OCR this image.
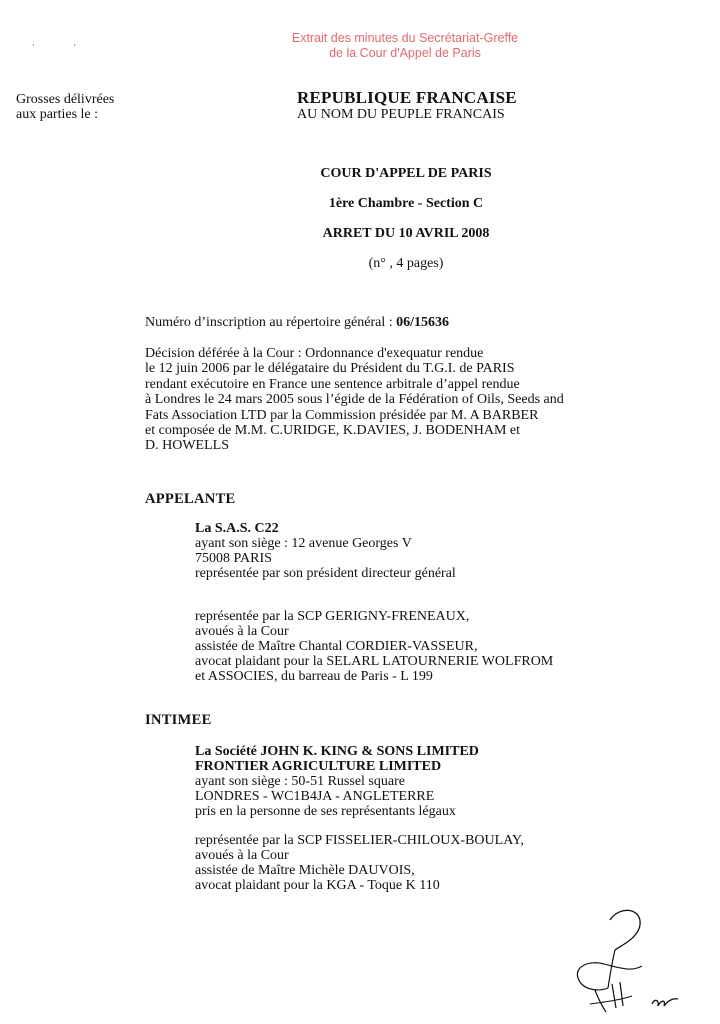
··	Extrait des minutes du Secrétariat-Greffe
de la Cour d'Appel de Paris
Grosses délivrées
aux parties le :
REPUBLIQUE FRANCAISE
AU NOM DU PEUPLE FRANCAIS
COUR D'APPEL DE PARIS
1ère Chambre - Section C
ARRET DU 10 AVRIL 2008
(n° , 4 pages)
Numéro d’inscription au répertoire général : 06/15636
Décision déférée à la Cour : Ordonnance d'exequatur rendue
le 12 juin 2006 par le délégataire du Président du T.G.I. de PARIS
rendant exécutoire en France une sentence arbitrale d’appel rendue
à Londres le 24 mars 2005 sous l’égide de la Fédération of Oils, Seeds and
Fats Association LTD par la Commission présidée par M. A BARBER
et composée de M.M. C.URIDGE, K.DAVIES, J. BODENHAM et
D. HOWELLS
APPELANTE
La S.A.S. C22
ayant son siège : 12 avenue Georges V
75008 PARIS
représentée par son président directeur général
représentée par la SCP GERIGNY-FRENEAUX,
avoués à la Cour
assistée de Maître Chantal CORDIER-VASSEUR,
avocat plaidant pour la SELARL LATOURNERIE WOLFROM
et ASSOCIES, du barreau de Paris - L 199
INTIMEE
La Société JOHN K. KING & SONS LIMITED
FRONTIER AGRICULTURE LIMITED
ayant son siège : 50-51 Russel square
LONDRES - WC1B4JA - ANGLETERRE
pris en la personne de ses représentants légaux
représentée par la SCP FISSELIER-CHILOUX-BOULAY,
avoués à la Cour
assistée de Maître Michèle DAUVOIS,
avocat plaidant pour la KGA - Toque K 110
